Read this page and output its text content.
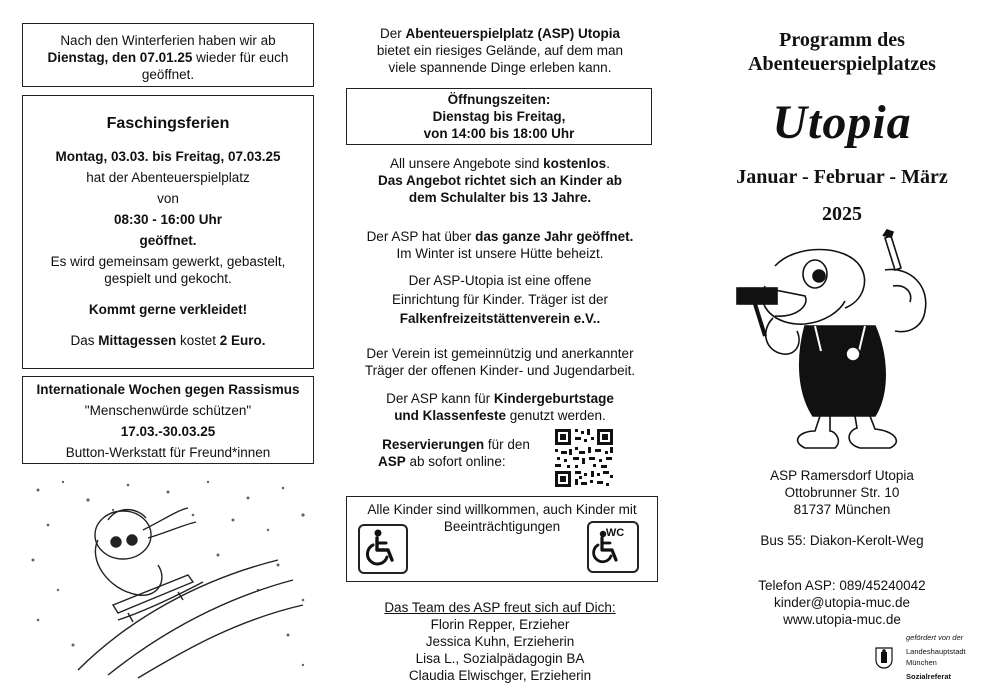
Nach den Winterferien haben wir ab

Dienstag, den 07.01.25 wieder für euch

geöffnet.

Faschingsferien

Montag, 03.03. bis Freitag, 07.03.25

hat der Abenteuerspielplatz

von

08:30 - 16:00 Uhr

geöffnet.

Es wird gemeinsam gewerkt, gebastelt,

gespielt und gekocht.

Kommt gerne verkleidet!

Das Mittagessen kostet 2 Euro.

Internationale Wochen gegen Rassismus

"Menschenwürde schützen"

17.03.-30.03.25

Button-Werkstatt für Freund*innen

Der Abenteuerspielplatz (ASP) Utopia

bietet ein riesiges Gelände, auf dem man

viele spannende Dinge erleben kann.

Öffnungszeiten:

Dienstag bis Freitag,

von 14:00 bis 18:00 Uhr

All unsere Angebote sind kostenlos.

Das Angebot richtet sich an Kinder ab

dem Schulalter bis 13 Jahre.

Der ASP hat über das ganze Jahr geöffnet.

Im Winter ist unsere Hütte beheizt.

Der ASP-Utopia ist eine offene

Einrichtung für Kinder. Träger ist der

Falkenfreizeitstättenverein e.V..

Der Verein ist gemeinnützig und anerkannter

Träger der offenen Kinder- und Jugendarbeit.

Der ASP kann für Kindergeburtstage

und Klassenfeste genutzt werden.

Reservierungen für den

ASP ab sofort online:

Alle Kinder sind willkommen, auch Kinder mit

Beeinträchtigungen	WC

Das Team des ASP freut sich auf Dich:

Florin Repper, Erzieher

Jessica Kuhn, Erzieherin

Lisa L., Sozialpädagogin BA

Claudia Elwischger, Erzieherin

Programm des

Abenteuerspielplatzes

Utopia
Januar - Februar - März
2025

ASP Ramersdorf Utopia

Ottobrunner Str. 10

81737 München

Bus 55: Diakon-Kerolt-Weg

Telefon ASP: 089/45240042

kinder@utopia-muc.de

www.utopia-muc.de

gefördert von der

Landeshauptstadt

München

Sozialreferat
